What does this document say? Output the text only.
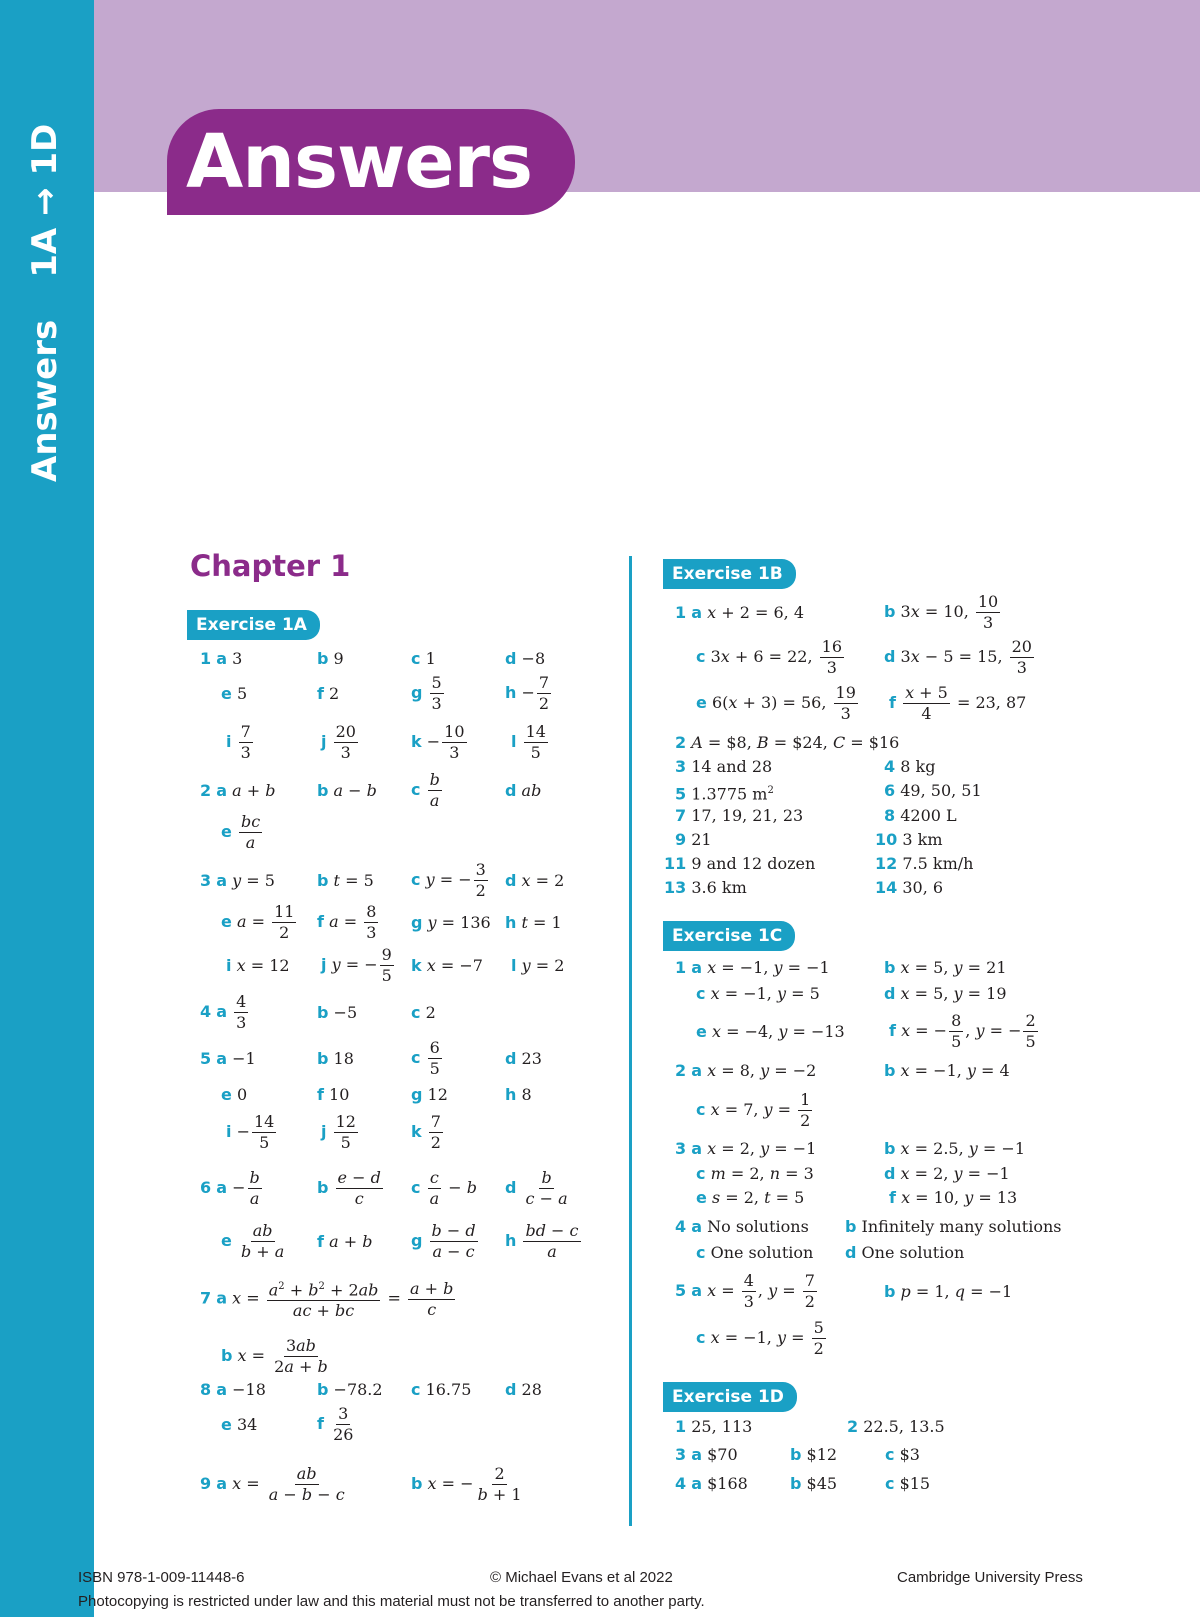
Answers1A → 1D Answers
Chapter 1
Exercise 1A
1 a 3	b 9	c 1	d −8
e 5	f 2	g $\frac{5}{3}$	$h - \frac{7}{2}$
i $\frac{7}{3}$	j $\frac{20}{3}$	$k - \frac{10}{3}$	l $\frac{14}{5}$
2 a a + b	b a − b c $\frac{b}{a}$	d ab
e $\frac{bc}{a}$
3 a y = 5	b t = 5 c y = − $\frac{3}{2}$ d x = 2
e $a = \frac{11}{2}$ f $a = \frac{8}{3}$ g y = 136 h t = 1
i x = 12 j y = − $\frac{9}{5}$ k x = −7 l y = 2
4 a $\frac{4}{3}$	b −5	c 2
5 a −1	b 18	c $\frac{6}{5}$	d 23
e 0	f 10	g 12	h 8
$i - \frac{14}{5}$	j $\frac{12}{5}$	k $\frac{7}{2}$
6 $a - \frac{b}{a}$	b $\frac{e - d}{c}$ c $\frac{c}{a} - b$ d $\frac{b}{c - a}$
e $\frac{ab}{b + a}$ f a + b g $\frac{b - d}{a - c}$ h $\frac{bd - c}{a}$
7 a $x = \frac{a^2 + b^2 + 2ab}{ac + bc} = \frac{a + b}{c}$
b $x = \frac{3ab}{2a + b}$
8 a −18	b −78.2 c 16.75 d 28
e 34	f $\frac{3}{26}$
9 a $x = \frac{ab}{a - b - c}$	b x = − $\frac{2}{b + 1}$
Exercise 1B
1 a x + 2 = 6, 4	b 3x = 10, $\frac{10}{3}$
c 3x + 6 = 22, $\frac{16}{3}$ d 3x − 5 = 15, $\frac{20}{3}$
e 6(x + 3) = 56, $\frac{19}{3}$ f $\frac{x + 5}{4} = 23$, 87
2 A = $8, B = $24, C = $16
3 14 and 28	4 8 kg
5 1.3775 $m^2$	6 49, 50, 51
7 17, 19, 21, 23	8 4200 L
9 21	10 3 km
11 9 and 12 dozen	12 7.5 km/h
13 3.6 km	14 30, 6
Exercise 1C
1 a x = −1, y = −1	b x = 5, y = 21
c x = −1, y = 5	d x = 5, y = 19
e x = −4, y = −13	f x = − $\frac{8}{5}$ , y = − $\frac{2}{5}$
2 a x = 8, y = −2	b x = −1, y = 4
c x = 7, $y = \frac{1}{2}$
3 a x = 2, y = −1	b x = 2.5, y = −1
c m = 2, n = 3	d x = 2, y = −1
e s = 2, t = 5	f x = 10, y = 13
4 a No solutions b Infinitely many solutions
c One solution d One solution
5 a $x = \frac{4}{3}$ , $y = \frac{7}{2}$	b p = 1, q = −1
c x = −1, $y = \frac{5}{2}$
Exercise 1D
1 25, 113	2 22.5, 13.5
3 a $70	b $12	c $3
4 a $168	b $45	c $15
ISBN 978-1-009-11448-6	© Michael Evans et al 2022	Cambridge University Press
Photocopying is restricted under law and this material must not be transferred to another party.
